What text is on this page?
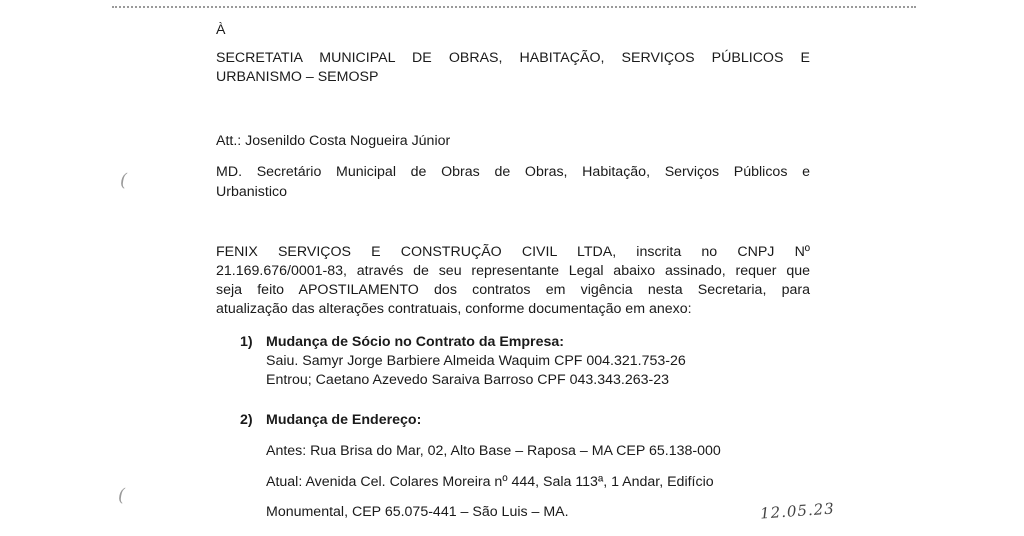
(
(
À
SECRETATIA MUNICIPAL DE OBRAS, HABITAÇÃO, SERVIÇOS PÚBLICOS E
URBANISMO – SEMOSP
Att.: Josenildo Costa Nogueira Júnior
MD. Secretário Municipal de Obras de Obras, Habitação, Serviços Públicos e
Urbanistico
FENIX SERVIÇOS E CONSTRUÇÃO CIVIL LTDA, inscrita no CNPJ Nº
21.169.676/0001-83, através de seu representante Legal abaixo assinado, requer que
seja feito APOSTILAMENTO dos contratos em vigência nesta Secretaria, para
atualização das alterações contratuais, conforme documentação em anexo:
1) Mudança de Sócio no Contrato da Empresa:
Saiu. Samyr Jorge Barbiere Almeida Waquim CPF 004.321.753-26
Entrou; Caetano Azevedo Saraiva Barroso CPF 043.343.263-23
2) Mudança de Endereço:
Antes: Rua Brisa do Mar, 02, Alto Base – Raposa – MA CEP 65.138-000
Atual: Avenida Cel. Colares Moreira nº 444, Sala 113ª, 1 Andar, Edifício
Monumental, CEP 65.075-441 – São Luis – MA.	12.05.23
